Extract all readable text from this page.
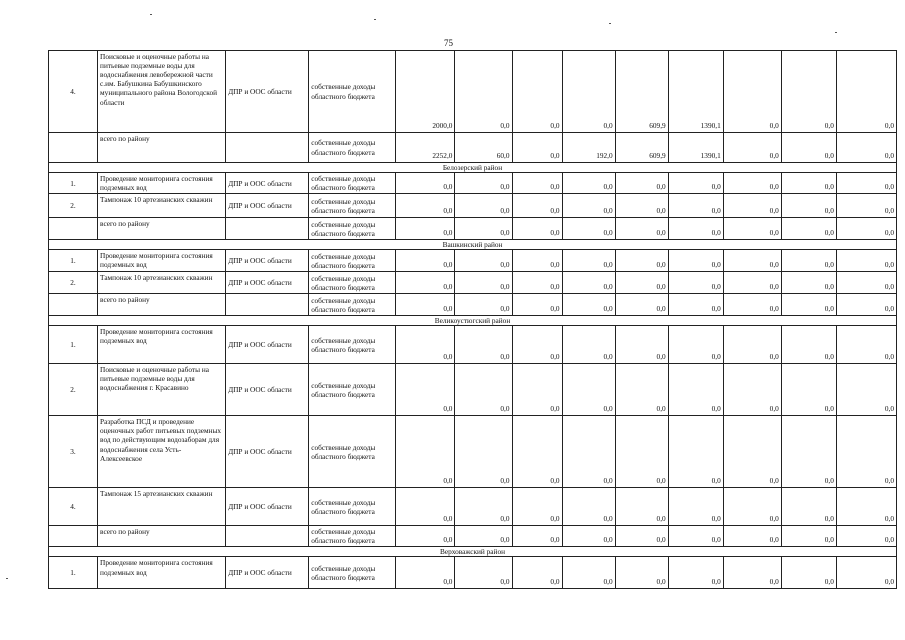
75
4.	Поисковые и оценочные работы на питьевые подземные воды для водоснабжения левобережной части с.им. Бабушкина Бабушкинского муниципального района Вологодской области	ДПР и ООС области	собственные доходы областного бюджета	2000,0	0,0	0,0	0,0	609,9	1390,1	0,0	0,0	0,0
	всего по району		собственные доходы областного бюджета	2252,0	60,0	0,0	192,0	609,9	1390,1	0,0	0,0	0,0
Белозерский район												
1.	Проведение мониторинга состояния подземных вод	ДПР и ООС области	собственные доходы областного бюджета	0,0	0,0	0,0	0,0	0,0	0,0	0,0	0,0	0,0
2.	Тампонаж 10 артезианских скважин	ДПР и ООС области	собственные доходы областного бюджета	0,0	0,0	0,0	0,0	0,0	0,0	0,0	0,0	0,0
	всего по району		собственные доходы областного бюджета	0,0	0,0	0,0	0,0	0,0	0,0	0,0	0,0	0,0
Вашкинский район												
1.	Проведение мониторинга состояния подземных вод	ДПР и ООС области	собственные доходы областного бюджета	0,0	0,0	0,0	0,0	0,0	0,0	0,0	0,0	0,0
2.	Тампонаж 10 артезианских скважин	ДПР и ООС области	собственные доходы областного бюджета	0,0	0,0	0,0	0,0	0,0	0,0	0,0	0,0	0,0
	всего по району		собственные доходы областного бюджета	0,0	0,0	0,0	0,0	0,0	0,0	0,0	0,0	0,0
Великоустюгский район												
1.	Проведение мониторинга состояния подземных вод	ДПР и ООС области	собственные доходы областного бюджета	0,0	0,0	0,0	0,0	0,0	0,0	0,0	0,0	0,0
2.	Поисковые и оценочные работы на питьевые подземные воды для водоснабжения г. Красавино	ДПР и ООС области	собственные доходы областного бюджета	0,0	0,0	0,0	0,0	0,0	0,0	0,0	0,0	0,0
3.	Разработка ПСД и проведение оценочных работ питьевых подземных вод по действующим водозаборам для водоснабжения села Усть-Алексеевское	ДПР и ООС области	собственные доходы областного бюджета	0,0	0,0	0,0	0,0	0,0	0,0	0,0	0,0	0,0
4.	Тампонаж 15 артезианских скважин	ДПР и ООС области	собственные доходы областного бюджета	0,0	0,0	0,0	0,0	0,0	0,0	0,0	0,0	0,0
	всего по району		собственные доходы областного бюджета	0,0	0,0	0,0	0,0	0,0	0,0	0,0	0,0	0,0
Верховажский район												
1.	Проведение мониторинга состояния подземных вод	ДПР и ООС области	собственные доходы областного бюджета	0,0	0,0	0,0	0,0	0,0	0,0	0,0	0,0	0,0
